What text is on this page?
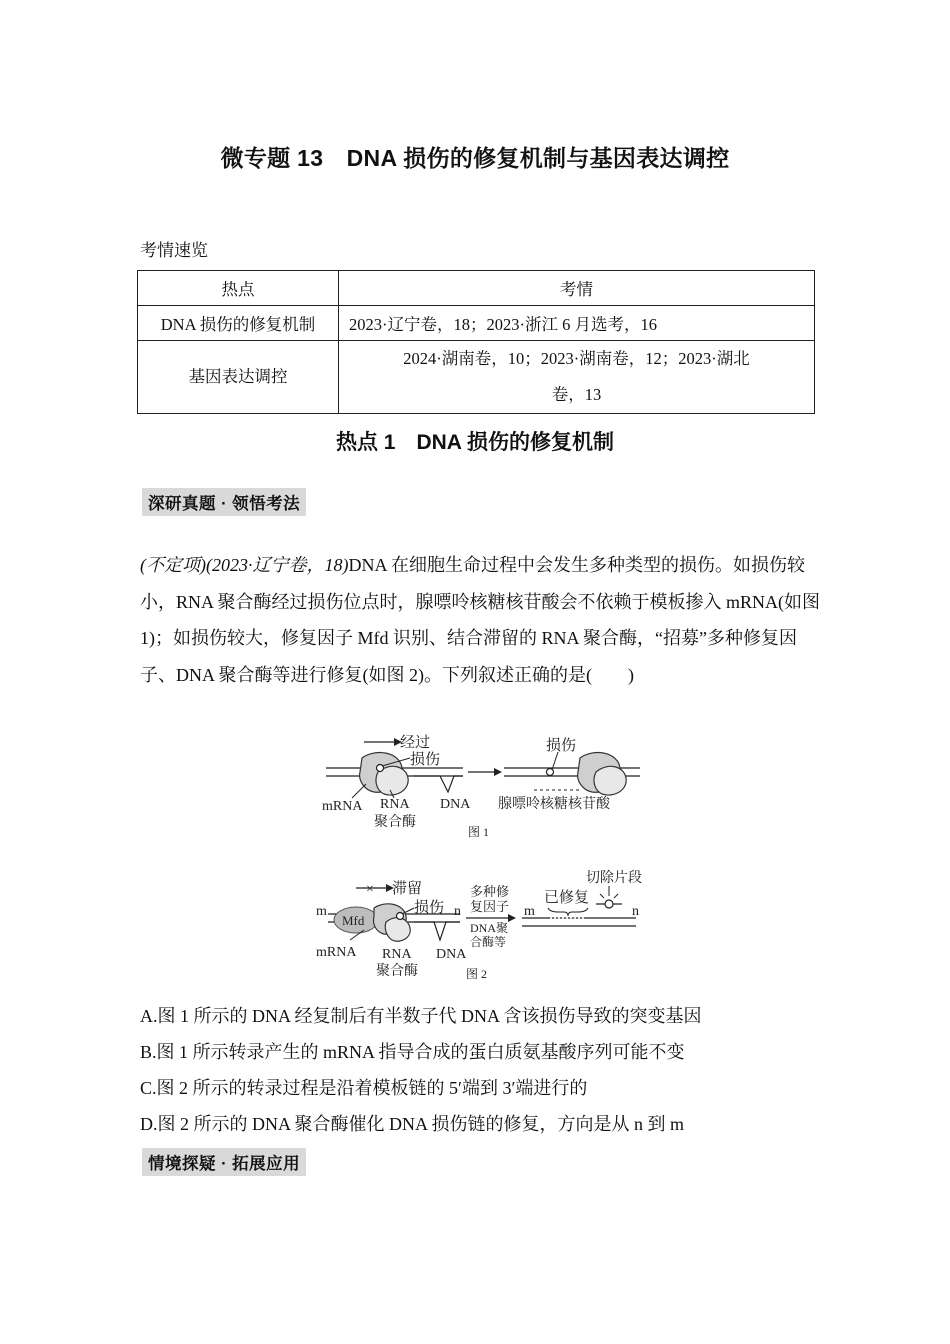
微专题 13　DNA 损伤的修复机制与基因表达调控
考情速览
热点	考情
DNA 损伤的修复机制	2023·辽宁卷，18；2023·浙江 6 月选考，16
基因表达调控	2024·湖南卷，10；2023·湖南卷，12；2023·湖北
卷，13
热点 1　DNA 损伤的修复机制
深研真题 · 领悟考法
(不定项)(2023·辽宁卷，18)DNA 在细胞生命过程中会发生多种类型的损伤。如损伤较小，RNA 聚合酶经过损伤位点时，腺嘌呤核糖核苷酸会不依赖于模板掺入 mRNA(如图 1)；如损伤较大，修复因子 Mfd 识别、结合滞留的 RNA 聚合酶，“招募”多种修复因子、DNA 聚合酶等进行修复(如图 2)。下列叙述正确的是(　　)
经过
损伤
mRNA RNA
聚合酶
DNA
损伤
腺嘌呤核糖核苷酸
图 1
× 滞留
m	n
Mfd
损伤
mRNA RNA
聚合酶
DNA
多种修
复因子
DNA聚
合酶等
已修复
切除片段
m	n
图 2
A.图 1 所示的 DNA 经复制后有半数子代 DNA 含该损伤导致的突变基因
B.图 1 所示转录产生的 mRNA 指导合成的蛋白质氨基酸序列可能不变
C.图 2 所示的转录过程是沿着模板链的 5′端到 3′端进行的
D.图 2 所示的 DNA 聚合酶催化 DNA 损伤链的修复，方向是从 n 到 m
情境探疑 · 拓展应用
